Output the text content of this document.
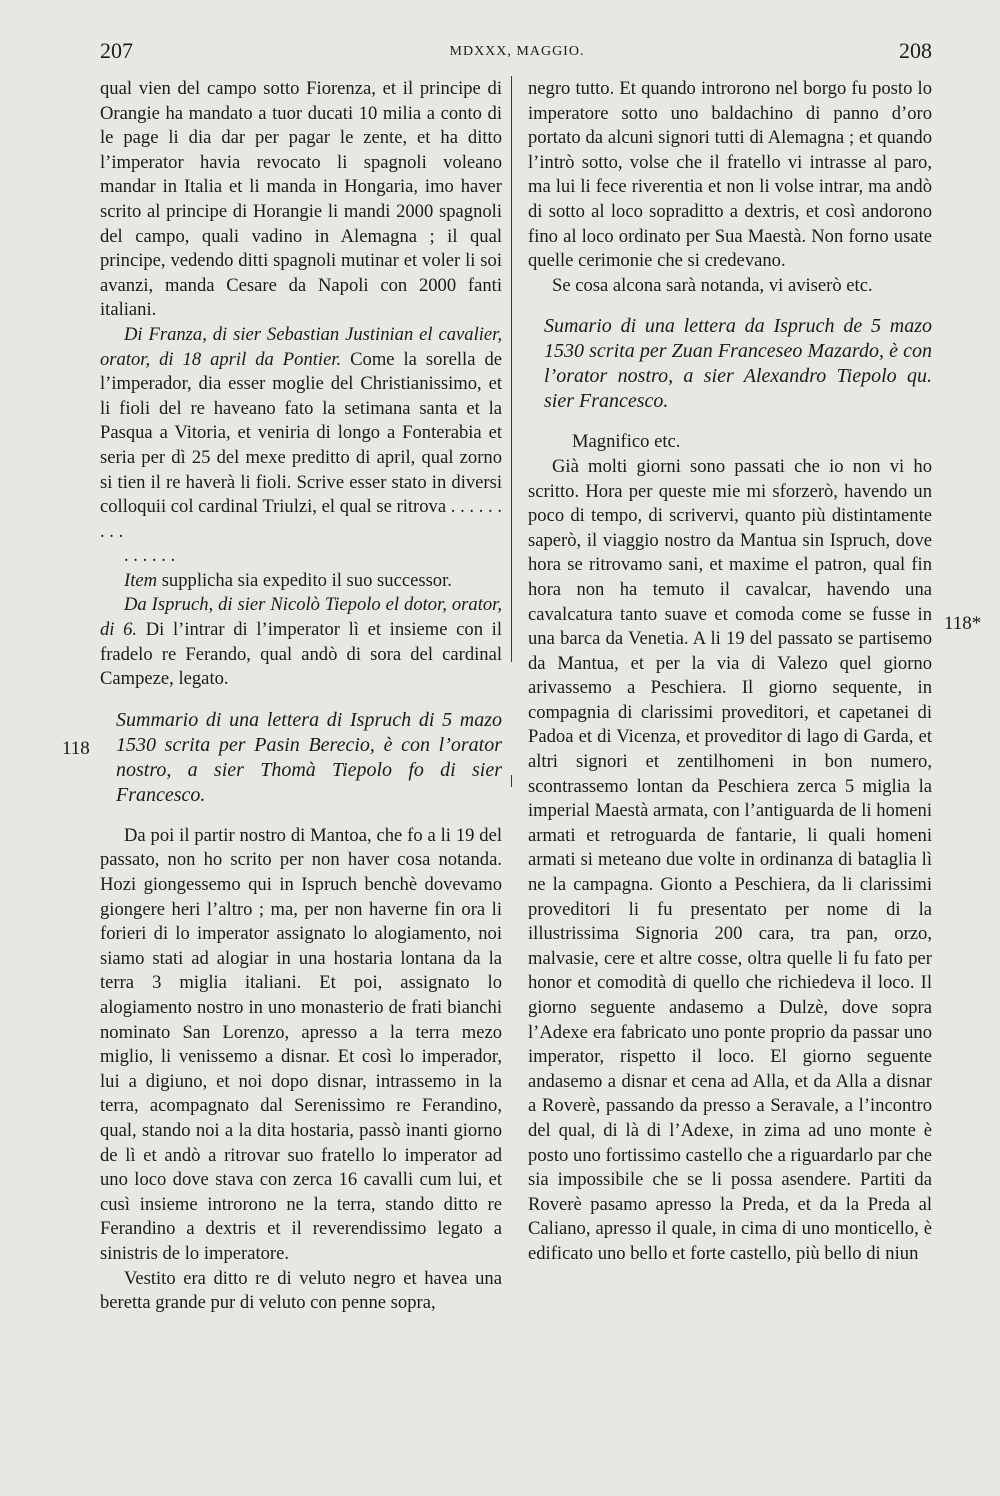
207	MDXXX, MAGGIO.	208
118
118*

qual vien del campo sotto Fiorenza, et il principe di Orangie ha mandato a tuor ducati 10 milia a conto di le page li dia dar per pagar le zente, et ha ditto l’imperator havia revocato li spagnoli voleano mandar in Italia et li manda in Hongaria, imo haver scrito al principe di Horangie li mandi 2000 spagnoli del campo, quali vadino in Alemagna ; il qual principe, vedendo ditti spagnoli mutinar et voler li soi avanzi, manda Cesare da Napoli con 2000 fanti italiani.

Di Franza, di sier Sebastian Justinian el cavalier, orator, di 18 april da Pontier. Come la sorella de l’imperador, dia esser moglie del Christianissimo, et li fioli del re haveano fato la setimana santa et la Pasqua a Vitoria, et veniria di longo a Fonterabia et seria per dì 25 del mexe preditto di april, qual zorno si tien il re haverà li fioli. Scrive esser stato in diversi colloquii col cardinal Triulzi, el qual se ritrova . . . . . . . . .

. . . . . .

Item supplicha sia expedito il suo successor.

Da Ispruch, di sier Nicolò Tiepolo el dotor, orator, di 6. Di l’intrar di l’imperator lì et insieme con il fradelo re Ferando, qual andò di sora del cardinal Campeze, legato.

Summario di una lettera di Ispruch di 5 mazo 1530 scrita per Pasin Berecio, è con l’orator nostro, a sier Thomà Tiepolo fo di sier Francesco.

Da poi il partir nostro di Mantoa, che fo a li 19 del passato, non ho scrito per non haver cosa notanda. Hozi giongessemo qui in Ispruch benchè dovevamo giongere heri l’altro ; ma, per non haverne fin ora li forieri di lo imperator assignato lo alogiamento, noi siamo stati ad alogiar in una hostaria lontana da la terra 3 miglia italiani. Et poi, assignato lo alogiamento nostro in uno monasterio de frati bianchi nominato San Lorenzo, apresso a la terra mezo miglio, li venissemo a disnar. Et così lo imperador, lui a digiuno, et noi dopo disnar, intrassemo in la terra, acompagnato dal Serenissimo re Ferandino, qual, stando noi a la dita hostaria, passò inanti giorno de lì et andò a ritrovar suo fratello lo imperator ad uno loco dove stava con zerca 16 cavalli cum lui, et cusì insieme introrono ne la terra, stando ditto re Ferandino a dextris et il reverendissimo legato a sinistris de lo imperatore.

Vestito era ditto re di veluto negro et havea una beretta grande pur di veluto con penne sopra,

negro tutto. Et quando introrono nel borgo fu posto lo imperatore sotto uno baldachino di panno d’oro portato da alcuni signori tutti di Alemagna ; et quando l’intrò sotto, volse che il fratello vi intrasse al paro, ma lui li fece riverentia et non li volse intrar, ma andò di sotto al loco sopraditto a dextris, et così andorono fino al loco ordinato per Sua Maestà. Non forno usate quelle cerimonie che si credevano.

Se cosa alcona sarà notanda, vi aviserò etc.

Sumario di una lettera da Ispruch de 5 mazo 1530 scrita per Zuan Franceseo Mazardo, è con l’orator nostro, a sier Alexandro Tiepolo qu. sier Francesco.

Magnifico etc.

Già molti giorni sono passati che io non vi ho scritto. Hora per queste mie mi sforzerò, havendo un poco di tempo, di scrivervi, quanto più distintamente saperò, il viaggio nostro da Mantua sin Ispruch, dove hora se ritrovamo sani, et maxime el patron, qual fin hora non ha temuto il cavalcar, havendo una cavalcatura tanto suave et comoda come se fusse in una barca da Venetia. A li 19 del passato se partisemo da Mantua, et per la via di Valezo quel giorno arivassemo a Peschiera. Il giorno sequente, in compagnia di clarissimi proveditori, et capetanei di Padoa et di Vicenza, et proveditor di lago di Garda, et altri signori et zentilhomeni in bon numero, scontrassemo lontan da Peschiera zerca 5 miglia la imperial Maestà armata, con l’antiguarda de li homeni armati et retroguarda de fantarie, li quali homeni armati si meteano due volte in ordinanza di bataglia lì ne la campagna. Gionto a Peschiera, da li clarissimi proveditori li fu presentato per nome di la illustrissima Signoria 200 cara, tra pan, orzo, malvasie, cere et altre cosse, oltra quelle li fu fato per honor et comodità di quello che richiedeva il loco. Il giorno seguente andasemo a Dulzè, dove sopra l’Adexe era fabricato uno ponte proprio da passar uno imperator, rispetto il loco. El giorno seguente andasemo a disnar et cena ad Alla, et da Alla a disnar a Roverè, passando da presso a Seravale, a l’incontro del qual, di là di l’Adexe, in zima ad uno monte è posto uno fortissimo castello che a riguardarlo par che sia impossibile che se li possa asendere. Partiti da Roverè pasamo apresso la Preda, et da la Preda al Caliano, apresso il quale, in cima di uno monticello, è edificato uno bello et forte castello, più bello di niun
